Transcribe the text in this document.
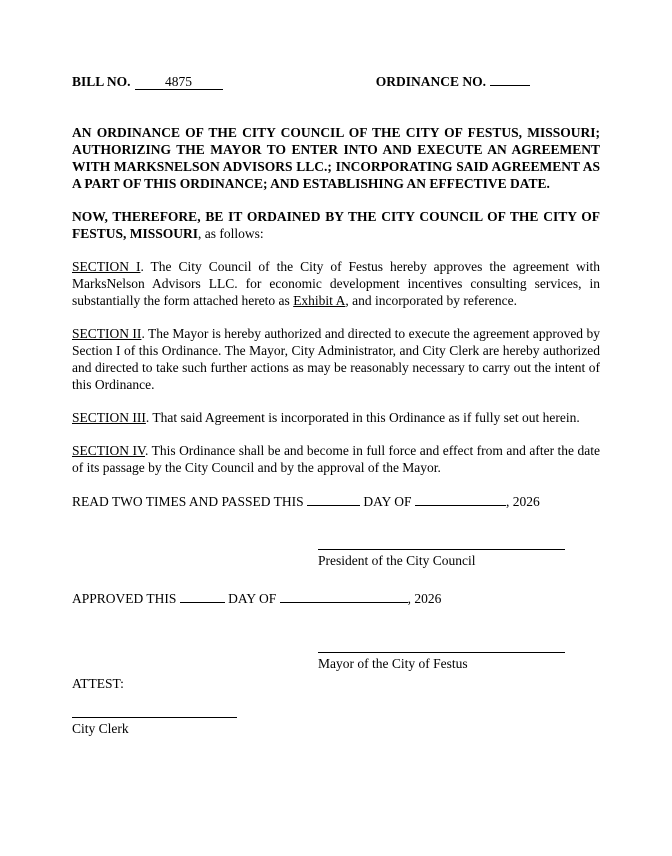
BILL NO.	4875	ORDINANCE NO.

AN ORDINANCE OF THE CITY COUNCIL OF THE CITY OF FESTUS, MISSOURI; AUTHORIZING THE MAYOR TO ENTER INTO AND EXECUTE AN AGREEMENT WITH MARKSNELSON ADVISORS LLC.; INCORPORATING SAID AGREEMENT AS A PART OF THIS ORDINANCE; AND ESTABLISHING AN EFFECTIVE DATE.

NOW, THEREFORE, BE IT ORDAINED BY THE CITY COUNCIL OF THE CITY OF FESTUS, MISSOURI, as follows:

SECTION I. The City Council of the City of Festus hereby approves the agreement with MarksNelson Advisors LLC. for economic development incentives consulting services, in substantially the form attached hereto as Exhibit A, and incorporated by reference.

SECTION II. The Mayor is hereby authorized and directed to execute the agreement approved by Section I of this Ordinance. The Mayor, City Administrator, and City Clerk are hereby authorized and directed to take such further actions as may be reasonably necessary to carry out the intent of this Ordinance.

SECTION III. That said Agreement is incorporated in this Ordinance as if fully set out herein.

SECTION IV. This Ordinance shall be and become in full force and effect from and after the date of its passage by the City Council and by the approval of the Mayor.

READ TWO TIMES AND PASSED THIS	DAY OF	, 2026

President of the City Council

APPROVED THIS	DAY OF	, 2026

Mayor of the City of Festus

ATTEST:

City Clerk
